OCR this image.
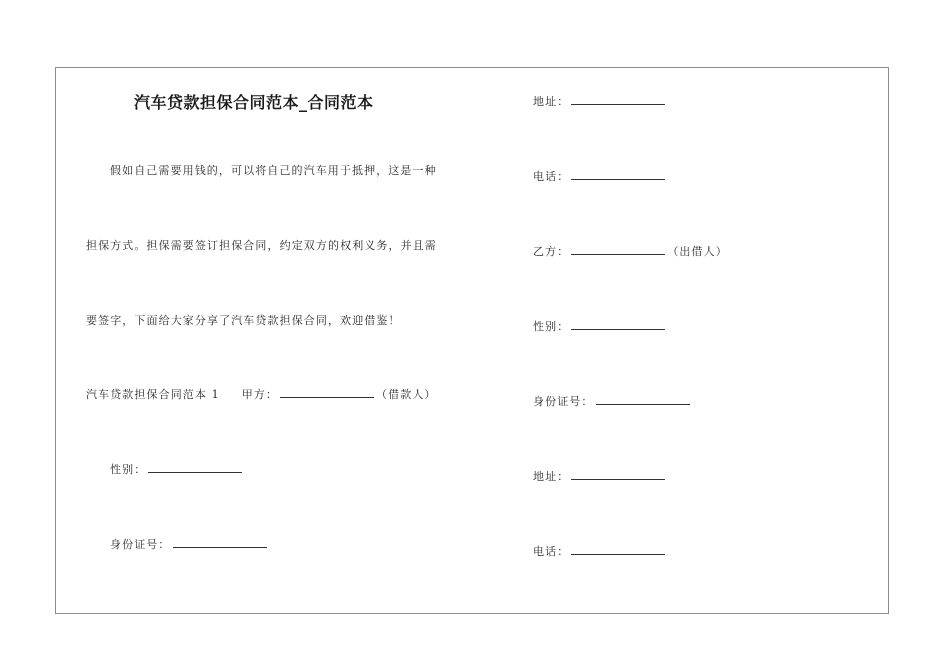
汽车贷款担保合同范本_合同范本
假如自己需要用钱的，可以将自己的汽车用于抵押，这是一种
担保方式。担保需要签订担保合同，约定双方的权利义务，并且需
要签字，下面给大家分享了汽车贷款担保合同，欢迎借鉴！
汽车贷款担保合同范本 1 甲方：	（借款人）
性别：
身份证号：
地址：
电话：
乙方：	（出借人）
性别：
身份证号：
地址：
电话：
